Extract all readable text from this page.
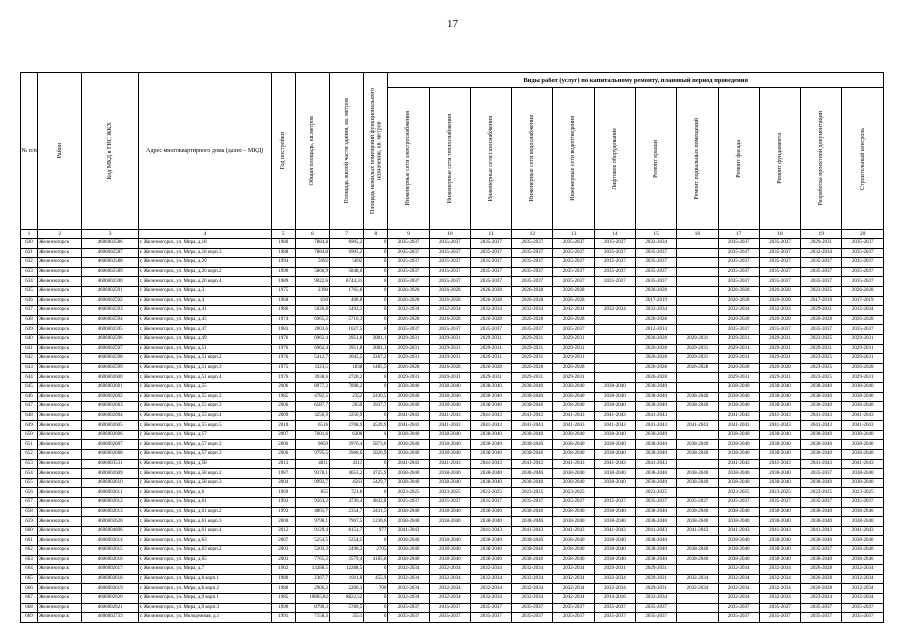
17
№ п/п	Район	Код МКД в ГИС ЖКХ	Адрес многоквартирного дома (далее – МКД)	Год постройки	Общая площадь, кв.метров	Площадь жилой части здания, кв. метров	Площадь нежилых помещений функционального назначения, кв. метров	Виды работ (услуг) по капитальному ремонту, плановый период проведения											

								Инженерные сети электроснабжения	Инженерные сети теплоснабжения	Инженерные сети газоснабжения	Инженерные сети водоснабжения	Инженерные сети водоотведения	Лифтовое оборудование	Ремонт крыши	Ремонт подвальных помещений	Ремонт фасада	Ремонт фундамента	Разработка проектной документации	Строительный контроль

1	2	3	4	5	6	7	8	9	10	11	12	13	14	15	16	17	18	19	20
630	Железногорск	4606002586	г. Железногорск, ул. Мира, д.18	1980	7884,8	6905,2	0	2035-2037	2035-2037	2035-2037	2035-2037	2035-2037	2035-2037	2032-2034		2035-2037	2035-2037	2029-2031	2035-2037
631	Железногорск	4606002587	г. Железногорск, ул. Мира, д.18 корп.3	1988	7884,8	6905,2	0	2035-2037	2035-2037	2035-2037	2035-2037	2035-2037	2035-2037	2035-2037		2035-2037	2035-2037	2032-2034	2035-2037
632	Железногорск	4606002588	г. Железногорск, ул. Мира, д.20	1994	5692	5692	0	2035-2037	2035-2037	2035-2037	2035-2037	2035-2037	2035-2037	2035-2037		2035-2037	2035-2037	2035-2037	2035-2037
633	Железногорск	4606002589	г. Железногорск, ул. Мира, д.20 корп.2	1990	5860,9	5848,6	0	2035-2037	2035-2037	2035-2037	2035-2037	2035-2037	2035-2037	2035-2037		2035-2037	2035-2037	2035-2037	2035-2037
634	Железногорск	4606002590	г. Железногорск, ул. Мира, д.20 корп.4	1989	9022,6	8744,31	0	2035-2037	2035-2037	2035-2037	2035-2037	2035-2037	2035-2037	2035-2037		2035-2037	2035-2037	2035-2037	2035-2037
635	Железногорск	4606002591	г. Железногорск, ул. Мира, д.3	1975	2390	1765,8	0	2026-2028	2026-2028	2026-2028	2026-2028	2026-2028		2026-2028		2026-2028	2026-2028	2023-2025	2026-2028
636	Железногорск	4606002592	г. Железногорск, ул. Мира, д.4	1968	630	408,8	0	2026-2028	2026-2028	2026-2028	2026-2028	2026-2028		2017-2019		2026-2028	2026-2028	2017-2019	2017-2019
637	Железногорск	4606002593	г. Железногорск, ул. Мира, д.41	1986	5626,8	5492,1	0	2032-2034	2032-2034	2032-2034	2032-2034	2032-2034	2032-2034	2032-2034		2032-2034	2032-2034	2029-2031	2032-2034
638	Железногорск	4606002594	г. Железногорск, ул. Мира, д.45	1974	6965,2	5716,3	0	2026-2028	2026-2028	2026-2028	2026-2028	2026-2028		2026-2028		2026-2028	2026-2028	2026-2028	2026-2028
639	Железногорск	4606002595	г. Железногорск, ул. Мира, д.47	1983	2003,6	1627,5	0	2035-2037	2035-2037	2035-2037	2035-2037	2035-2037		2012-2014		2035-2037	2035-2037	2035-2037	2035-2037
640	Железногорск	4606002596	г. Железногорск, ул. Мира, д.49	1976	6962,4	3951,8	3081,1	2029-2031	2029-2031	2029-2031	2029-2031	2029-2031		2026-2028	2029-2031	2029-2031	2029-2031	2023-2025	2029-2031
641	Железногорск	4606002597	г. Железногорск, ул. Мира, д.51	1976	6962,4	3951,8	3081,1	2029-2031	2029-2031	2029-2031	2029-2031	2029-2031		2026-2028	2029-2031	2029-2031	2029-2031	2029-2031	2029-2031
642	Железногорск	4606002598	г. Железногорск, ул. Мира, д.51 корп.2	1976	5412,7	3045,5	2267,2	2029-2031	2029-2031	2029-2031	2029-2031	2029-2031		2026-2028	2029-2031	2029-2031	2029-2031	2023-2025	2029-2031
643	Железногорск	4606002599	г. Железногорск, ул. Мира, д.51 корп.3	1975	3323,5	1838	1485,5	2026-2028	2026-2028	2026-2028	2026-2028	2026-2028		2026-2028	2026-2028	2026-2028	2026-2028	2023-2025	2026-2028
644	Железногорск	4606002600	г. Железногорск, ул. Мира, д.51 корп.4	1976	3938,6	2720,2	0	2029-2031	2029-2031	2029-2031	2029-2031	2029-2031		2026-2028		2029-2031	2029-2031	2023-2025	2029-2031
645	Железногорск	4606002601	г. Железногорск, ул. Мира, д.55	2006	8977,2	7898,2	0	2038-2040	2038-2040	2038-2040	2038-2040	2038-2040	2038-2040	2038-2040		2038-2040	2038-2040	2038-2040	2038-2040
646	Железногорск	4606002602	г. Железногорск, ул. Мира, д.55 корп.2	1985	4782,5	2352	2430,5	2038-2040	2038-2040	2038-2040	2038-2040	2038-2040	2038-2040	2038-2040	2038-2040	2038-2040	2038-2040	2038-2040	2038-2040
647	Железногорск	4606002603	г. Железногорск, ул. Мира, д.55 корп.3	2006	6587,7	2650	3937,7	2038-2040	2038-2040	2038-2040	2038-2040	2038-2040	2038-2040	2038-2040	2038-2040	2038-2040	2038-2040	2038-2040	2038-2040
648	Железногорск	4606002604	г. Железногорск, ул. Мира, д.55 корп.4	2009	3250,9	3250,9	0	2041-2043	2041-2043	2041-2043	2041-2043	2041-2043	2041-2043	2041-2043		2041-2043	2041-2043	2041-2043	2041-2043
649	Железногорск	4606002605	г. Железногорск, ул. Мира, д.55 корп.5	2010	6516	2708,9	4539,9	2041-2043	2041-2043	2041-2043	2041-2043	2041-2043	2041-2043	2041-2043	2041-2043	2041-2043	2041-2043	2041-2043	2041-2043
650	Железногорск	4606002606	г. Железногорск, ул. Мира, д.57	2007	7601,6	6208	0	2038-2040	2038-2040	2038-2040	2038-2040	2038-2040	2038-2040	2038-2040		2038-2040	2038-2040	2038-2040	2038-2040
651	Железногорск	4606002607	г. Железногорск, ул. Мира, д.57 корп.2	2006	9850	3976,4	5873,6	2038-2040	2038-2040	2038-2040	2038-2040	2038-2040	2038-2040	2038-2040	2038-2040	2038-2040	2038-2040	2038-2040	2038-2040
652	Железногорск	4606002608	г. Железногорск, ул. Мира, д.57 корп.3	2006	9795,5	3968,6	5826,9	2038-2040	2038-2040	2038-2040	2038-2040	2038-2040	2038-2040	2038-2040	2038-2040	2038-2040	2038-2040	2038-2040	2038-2040
653	Железногорск	4606003531	г. Железногорск, ул. Мира, д.58	2013	4811	4311	0	2041-2043	2041-2043	2041-2043	2041-2043	2041-2043	2041-2043	2041-2043		2041-2043	2041-2043	2041-2043	2041-2043
654	Железногорск	4606002609	г. Железногорск, ул. Мира, д.58 корп.2	1987	9378,1	4653,2	4725,9	2038-2040	2038-2040	2038-2040	2038-2040	2038-2040	2038-2040	2038-2040	2038-2040	2038-2040	2038-2040	2035-2037	2038-2040
655	Железногорск	4606002610	г. Железногорск, ул. Мира, д.58 корп.3	2004	9992,7	4563	5429,7	2038-2040	2038-2040	2038-2040	2038-2040	2038-2040	2038-2040	2038-2040	2038-2040	2038-2040	2038-2040	2038-2040	2038-2040
656	Железногорск	4606002611	г. Железногорск, ул. Мира, д.6	1969	855	721,8	0	2023-2025	2023-2025	2023-2025	2023-2025	2023-2025		2023-2025		2023-2025	2023-2025	2023-2025	2023-2025
657	Железногорск	4606002612	г. Железногорск, ул. Мира, д.61	1993	9563,2	4730,4	4832,8	2035-2037	2035-2037	2035-2037	2035-2037	2035-2037	2035-2037	2035-2037	2035-2037	2035-2037	2035-2037	2035-2037	2035-2037
658	Железногорск	4606002613	г. Железногорск, ул. Мира, д.61 корп.2	1993	4801,7	2354,7	2431,5	2038-2040	2038-2040	2038-2040	2038-2040	2038-2040	2038-2040	2038-2040	2038-2040	2038-2040	2038-2040	2038-2040	2038-2040
659	Железногорск	4606002626	г. Железногорск, ул. Мира, д.61 корп.3	2000	9798,1	7967,5	1230,6	2038-2040	2038-2040	2038-2040	2038-2040	2038-2040	2038-2040	2038-2040	2038-2040	2038-2040	2038-2040	2038-2040	2038-2040
660	Железногорск	4606004896	г. Железногорск, ул. Мира, д.61 корп.4	2012	9129,4	8151,7	977	2041-2043		2041-2043	2041-2043	2041-2043	2041-2043	2041-2043	2041-2043	2041-2043	2041-2043	2041-2043	2041-2043
661	Железногорск	4606002614	г. Железногорск, ул. Мира, д.63	2007	5254,5	5254,5	0	2038-2040	2038-2040	2038-2040	2038-2040	2038-2040	2038-2040	2038-2040		2038-2040	2038-2040	2038-2040	2038-2040
662	Железногорск	4606002615	г. Железногорск, ул. Мира, д.63 корп.2	2003	5203,3	2498,3	2705	2038-2040	2038-2040	2038-2040	2038-2040	2038-2040	2038-2040	2038-2040	2038-2040	2038-2040	2038-2040	2035-2037	2038-2040
663	Железногорск	4606002616	г. Железногорск, ул. Мира, д.65	2003	7765,2	3579,4	4185,8	2038-2040	2038-2040	2038-2040	2038-2040	2038-2040	2038-2040	2038-2040	2038-2040	2038-2040	2038-2040	2038-2040	2038-2040
664	Железногорск	4606002617	г. Железногорск, ул. Мира, д.7	1962	13288,5	12288,5	0	2032-2034	2032-2034	2032-2034	2032-2034	2032-2034	2029-2031	2029-2031		2032-2034	2032-2034	2026-2028	2032-2034
665	Железногорск	4606002618	г. Железногорск, ул. Мира, д.8 корп.1	1980	2367,7	1911,8	455,9	2032-2034	2032-2034	2032-2034	2032-2034	2032-2034	2032-2034	2029-2031	2032-2034	2032-2034	2032-2034	2026-2028	2032-2034
666	Железногорск	4606002619	г. Железногорск, ул. Мира, д.8 корп.2	1980	2906,3	2206,3	700	2032-2034	2032-2034	2032-2034	2032-2034	2032-2034	2032-2034	2029-2031	2032-2034	2032-2034	2032-2034	2026-2028	2032-2034
667	Железногорск	4606002620	г. Железногорск, ул. Мира, д.9 корп.1	1985	10865,82	8822,52	0	2032-2034	2032-2034	2032-2034	2032-2034	2032-2034	2014-2016	2032-2034		2032-2034	2032-2034	2023-2024	2032-2034
668	Железногорск	4606002621	г. Железногорск, ул. Мира, д.9 корп.3	1990	8790,3	5789,5	0	2035-2037	2035-2037	2035-2037	2035-2037	2035-2037	2035-2037	2035-2037		2035-2037	2035-2037	2035-2037	2035-2037
669	Железногорск	4606002733	г. Железногорск, ул. Молодежная, д.1	1991	7158,3	3551	0	2035-2037	2035-2037	2035-2037	2035-2037	2035-2037	2035-2037	2035-2037		2035-2037	2035-2037	2035-2037	2035-2037
